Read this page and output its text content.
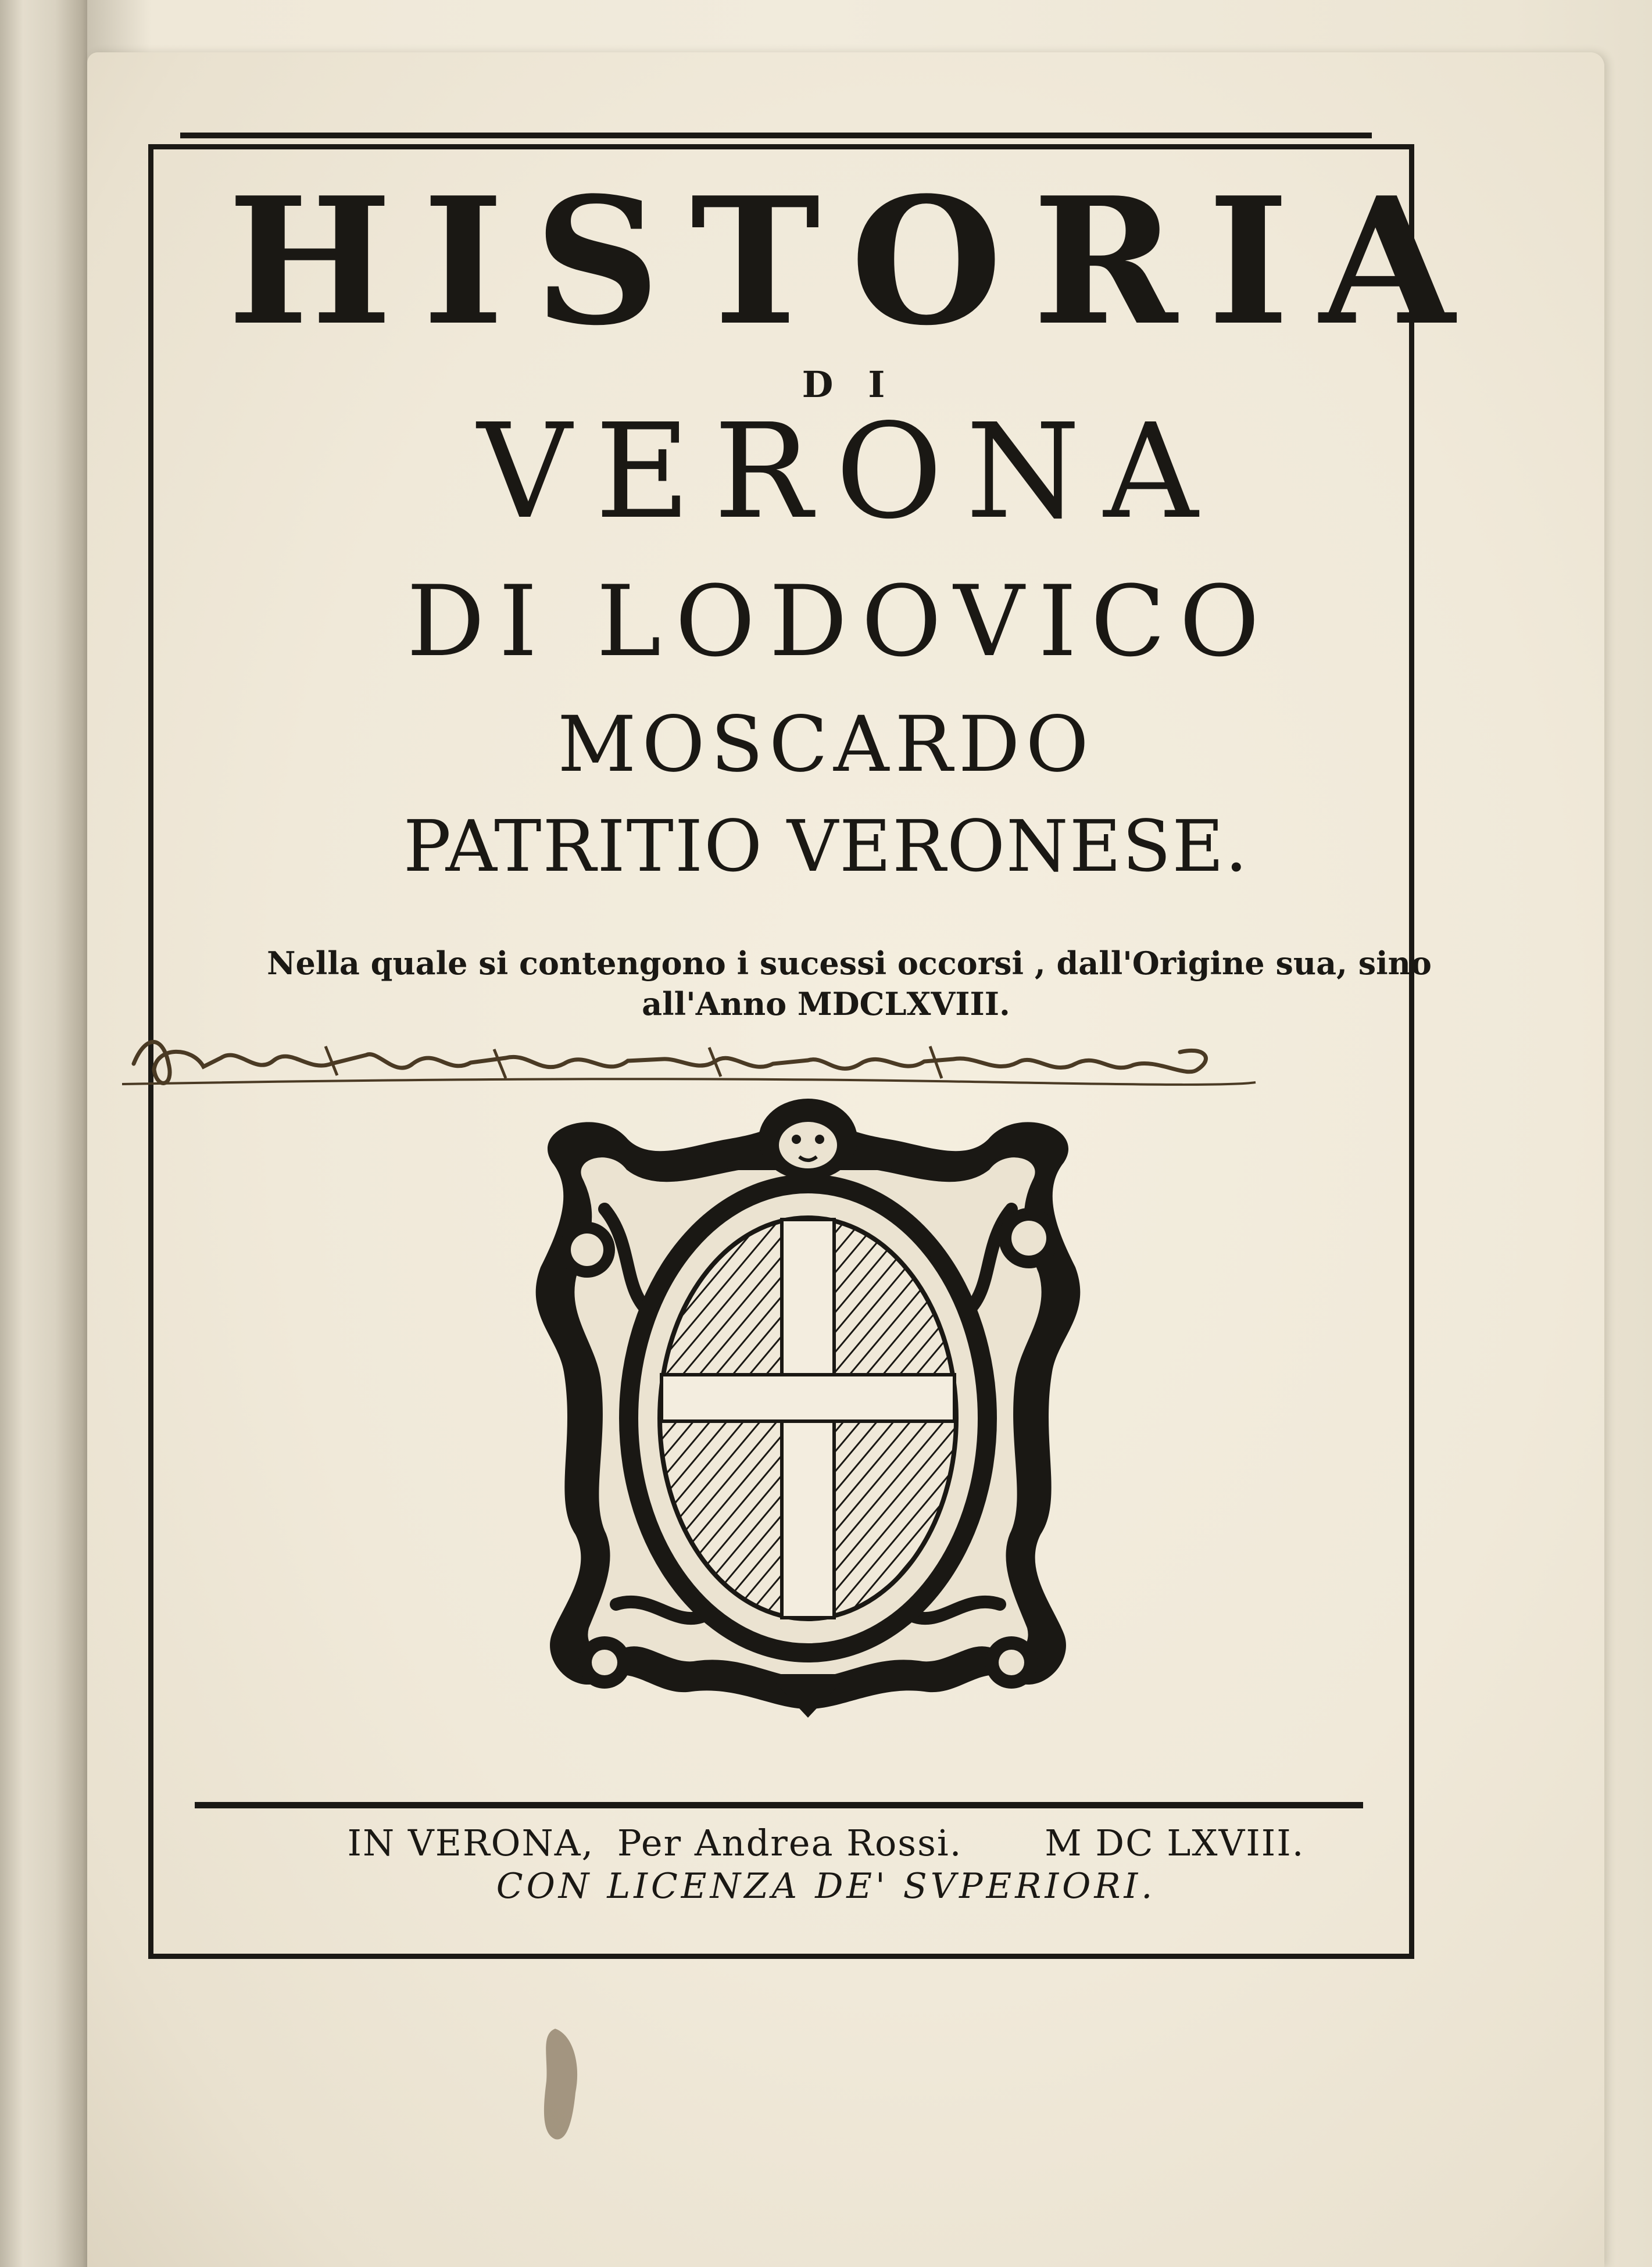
HISTORIA
DI
VERONA
DI LODOVICO
MOSCARDO
PATRITIO VERONESE.
Nella quale si contengono i sucessi occorsi , dall'Origine sua, sino
all'Anno MDCLXVIII.
IN VERONA, Per Andrea Rossi. M DC LXVIII.
CON LICENZA DE' SVPERIORI.
